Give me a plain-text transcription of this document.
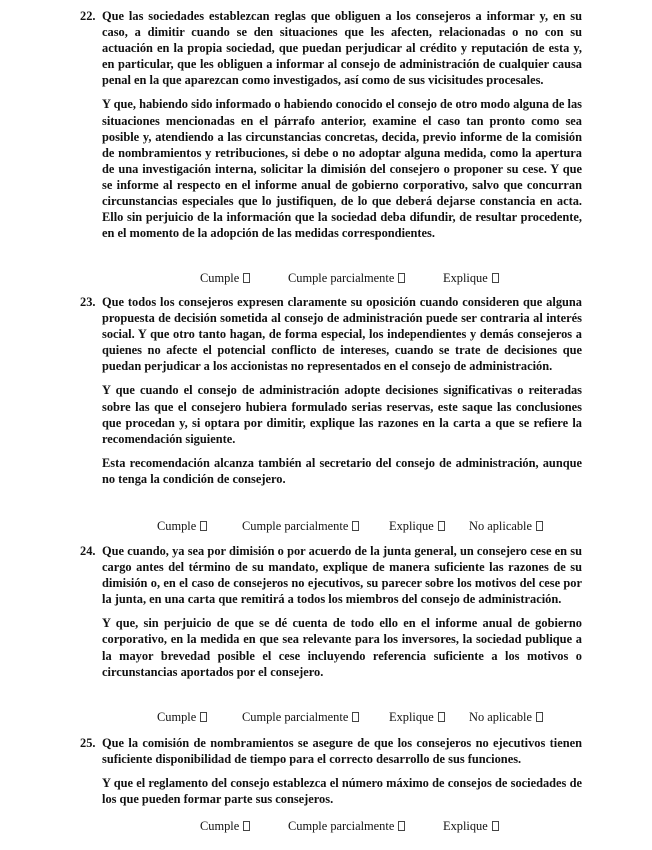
22. Que las sociedades establezcan reglas que obliguen a los consejeros a informar y, en su caso, a dimitir cuando se den situaciones que les afecten, relacionadas o no con su actuación en la propia sociedad, que puedan perjudicar al crédito y reputación de esta y, en particular, que les obliguen a informar al consejo de administración de cualquier causa penal en la que aparezcan como investigados, así como de sus vicisitudes procesales.

Y que, habiendo sido informado o habiendo conocido el consejo de otro modo alguna de las situaciones mencionadas en el párrafo anterior, examine el caso tan pronto como sea posible y, atendiendo a las circunstancias concretas, decida, previo informe de la comisión de nombramientos y retribuciones, si debe o no adoptar alguna medida, como la apertura de una investigación interna, solicitar la dimisión del consejero o proponer su cese. Y que se informe al respecto en el informe anual de gobierno corporativo, salvo que concurran circunstancias especiales que lo justifiquen, de lo que deberá dejarse constancia en acta. Ello sin perjuicio de la información que la sociedad deba difundir, de resultar procedente, en el momento de la adopción de las medidas correspondientes.

Cumple	Cumple parcialmente	Explique
23. Que todos los consejeros expresen claramente su oposición cuando consideren que alguna propuesta de decisión sometida al consejo de administración puede ser contraria al interés social. Y que otro tanto hagan, de forma especial, los independientes y demás consejeros a quienes no afecte el potencial conflicto de intereses, cuando se trate de decisiones que puedan perjudicar a los accionistas no representados en el consejo de administración.

Y que cuando el consejo de administración adopte decisiones significativas o reiteradas sobre las que el consejero hubiera formulado serias reservas, este saque las conclusiones que procedan y, si optara por dimitir, explique las razones en la carta a que se refiere la recomendación siguiente.

Esta recomendación alcanza también al secretario del consejo de administración, aunque no tenga la condición de consejero.

Cumple	Cumple parcialmente	Explique	No aplicable
24. Que cuando, ya sea por dimisión o por acuerdo de la junta general, un consejero cese en su cargo antes del término de su mandato, explique de manera suficiente las razones de su dimisión o, en el caso de consejeros no ejecutivos, su parecer sobre los motivos del cese por la junta, en una carta que remitirá a todos los miembros del consejo de administración.

Y que, sin perjuicio de que se dé cuenta de todo ello en el informe anual de gobierno corporativo, en la medida en que sea relevante para los inversores, la sociedad publique a la mayor brevedad posible el cese incluyendo referencia suficiente a los motivos o circunstancias aportados por el consejero.

Cumple	Cumple parcialmente	Explique	No aplicable
25. Que la comisión de nombramientos se asegure de que los consejeros no ejecutivos tienen suficiente disponibilidad de tiempo para el correcto desarrollo de sus funciones.

Y que el reglamento del consejo establezca el número máximo de consejos de sociedades de los que pueden formar parte sus consejeros.

Cumple	Cumple parcialmente	Explique
